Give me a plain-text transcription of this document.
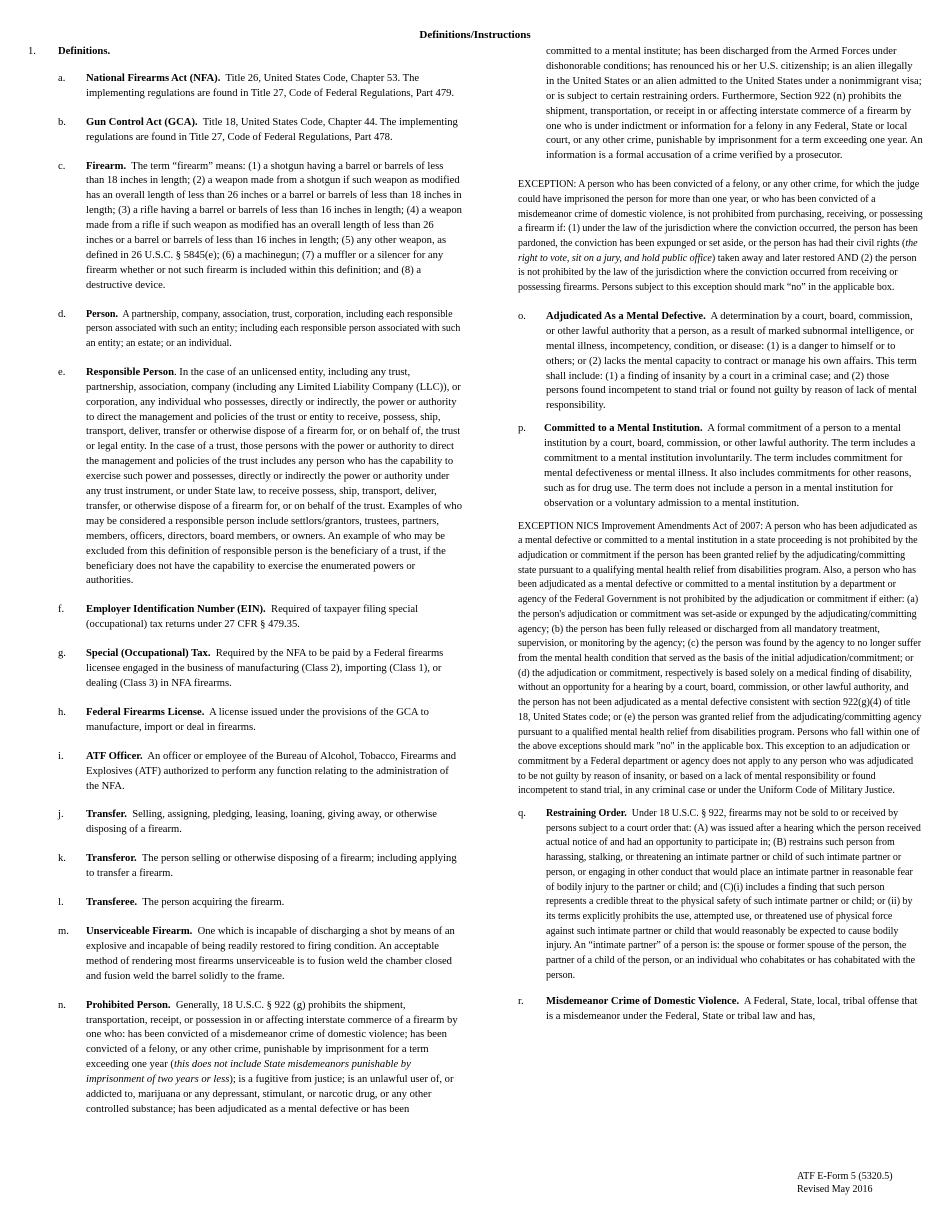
Definitions/Instructions
1.	Definitions.
a.	National Firearms Act (NFA). Title 26, United States Code, Chapter 53. The implementing regulations are found in Title 27, Code of Federal Regulations, Part 479.
b.	Gun Control Act (GCA). Title 18, United States Code, Chapter 44. The implementing regulations are found in Title 27, Code of Federal Regulations, Part 478.
c.	Firearm. The term “firearm” means: (1) a shotgun having a barrel or barrels of less than 18 inches in length; (2) a weapon made from a shotgun if such weapon as modified has an overall length of less than 26 inches or a barrel or barrels of less than 18 inches in length; (3) a rifle having a barrel or barrels of less than 16 inches in length; (4) a weapon made from a rifle if such weapon as modified has an overall length of less than 26 inches or a barrel or barrels of less than 16 inches in length; (5) any other weapon, as defined in 26 U.S.C. § 5845(e); (6) a machinegun; (7) a muffler or a silencer for any firearm whether or not such firearm is included within this definition; and (8) a destructive device.
d.	Person. A partnership, company, association, trust, corporation, including each responsible person associated with such an entity; including each responsible person associated with such an entity; an estate; or an individual.
e.	Responsible Person. In the case of an unlicensed entity, including any trust, partnership, association, company (including any Limited Liability Company (LLC)), or corporation, any individual who possesses, directly or indirectly, the power or authority to direct the management and policies of the trust or entity to receive, possess, ship, transport, deliver, transfer or otherwise dispose of a firearm for, or on behalf of, the trust or legal entity. In the case of a trust, those persons with the power or authority to direct the management and policies of the trust includes any person who has the capability to exercise such power and possesses, directly or indirectly the power or authority under any trust instrument, or under State law, to receive possess, ship, transport, deliver, transfer, or otherwise dispose of a firearm for, or on behalf of the trust. Examples of who may be considered a responsible person include settlors/grantors, trustees, partners, members, officers, directors, board members, or owners. An example of who may be excluded from this definition of responsible person is the beneficiary of a trust, if the beneficiary does not have the capability to exercise the enumerated powers or authorities.
f.	Employer Identification Number (EIN). Required of taxpayer filing special (occupational) tax returns under 27 CFR § 479.35.
g.	Special (Occupational) Tax. Required by the NFA to be paid by a Federal firearms licensee engaged in the business of manufacturing (Class 2), importing (Class 1), or dealing (Class 3) in NFA firearms.
h.	Federal Firearms License. A license issued under the provisions of the GCA to manufacture, import or deal in firearms.
i.	ATF Officer. An officer or employee of the Bureau of Alcohol, Tobacco, Firearms and Explosives (ATF) authorized to perform any function relating to the administration of the NFA.
j.	Transfer. Selling, assigning, pledging, leasing, loaning, giving away, or otherwise disposing of a firearm.
k.	Transferor. The person selling or otherwise disposing of a firearm; including applying to transfer a firearm.
l.	Transferee. The person acquiring the firearm.
m.	Unserviceable Firearm. One which is incapable of discharging a shot by means of an explosive and incapable of being readily restored to firing condition. An acceptable method of rendering most firearms unserviceable is to fusion weld the chamber closed and fusion weld the barrel solidly to the frame.
n.	Prohibited Person. Generally, 18 U.S.C. § 922 (g) prohibits the shipment, transportation, receipt, or possession in or affecting interstate commerce of a firearm by one who: has been convicted of a misdemeanor crime of domestic violence; has been convicted of a felony, or any other crime, punishable by imprisonment for a term exceeding one year (this does not include State misdemeanors punishable by imprisonment of two years or less); is a fugitive from justice; is an unlawful user of, or addicted to, marijuana or any depressant, stimulant, or narcotic drug, or any other controlled substance; has been adjudicated as a mental defective or has been
committed to a mental institute; has been discharged from the Armed Forces under dishonorable conditions; has renounced his or her U.S. citizenship; is an alien illegally in the United States or an alien admitted to the United States under a nonimmigrant visa; or is subject to certain restraining orders. Furthermore, Section 922 (n) prohibits the shipment, transportation, or receipt in or affecting interstate commerce of a firearm by one who is under indictment or information for a felony in any Federal, State or local court, or any other crime, punishable by imprisonment for a term exceeding one year. An information is a formal accusation of a crime verified by a prosecutor.
EXCEPTION: A person who has been convicted of a felony, or any other crime, for which the judge could have imprisoned the person for more than one year, or who has been convicted of a misdemeanor crime of domestic violence, is not prohibited from purchasing, receiving, or possessing a firearm if: (1) under the law of the jurisdiction where the conviction occurred, the person has been pardoned, the conviction has been expunged or set aside, or the person has had their civil rights (the right to vote, sit on a jury, and hold public office) taken away and later restored AND (2) the person is not prohibited by the law of the jurisdiction where the conviction occurred from receiving or possessing firearms. Persons subject to this exception should mark “no” in the applicable box.
o.	Adjudicated As a Mental Defective. A determination by a court, board, commission, or other lawful authority that a person, as a result of marked subnormal intelligence, or mental illness, incompetency, condition, or disease: (1) is a danger to himself or to others; or (2) lacks the mental capacity to contract or manage his own affairs. This term shall include: (1) a finding of insanity by a court in a criminal case; and (2) those persons found incompetent to stand trial or found not guilty by reason of lack of mental responsibility.
p.	Committed to a Mental Institution. A formal commitment of a person to a mental institution by a court, board, commission, or other lawful authority. The term includes a commitment to a mental institution involuntarily. The term includes commitment for mental defectiveness or mental illness. It also includes commitments for other reasons, such as for drug use. The term does not include a person in a mental institution for observation or a voluntary admission to a mental institution.
EXCEPTION NICS Improvement Amendments Act of 2007: A person who has been adjudicated as a mental defective or committed to a mental institution in a state proceeding is not prohibited by the adjudication or commitment if the person has been granted relief by the adjudicating/committing state pursuant to a qualifying mental health relief from disabilities program. Also, a person who has been adjudicated as a mental defective or committed to a mental institution by a department or agency of the Federal Government is not prohibited by the adjudication or commitment if either: (a) the person's adjudication or commitment was set-aside or expunged by the adjudicating/committing agency; (b) the person has been fully released or discharged from all mandatory treatment, supervision, or monitoring by the agency; (c) the person was found by the agency to no longer suffer from the mental health condition that served as the basis of the initial adjudication/commitment; or (d) the adjudication or commitment, respectively is based solely on a medical finding of disability, without an opportunity for a hearing by a court, board, commission, or other lawful authority, and the person has not been adjudicated as a mental defective consistent with section 922(g)(4) of title 18, United States code; or (e) the person was granted relief from the adjudicating/committing agency pursuant to a qualified mental health relief from disabilities program. Persons who fall within one of the above exceptions should mark "no" in the applicable box. This exception to an adjudication or commitment by a Federal department or agency does not apply to any person who was adjudicated to be not guilty by reason of insanity, or based on a lack of mental responsibility or found incompetent to stand trial, in any criminal case or under the Uniform Code of Military Justice.
q.	Restraining Order. Under 18 U.S.C. § 922, firearms may not be sold to or received by persons subject to a court order that: (A) was issued after a hearing which the person received actual notice of and had an opportunity to participate in; (B) restrains such person from harassing, stalking, or threatening an intimate partner or child of such intimate partner or person, or engaging in other conduct that would place an intimate partner in reasonable fear of bodily injury to the partner or child; and (C)(i) includes a finding that such person represents a credible threat to the physical safety of such intimate partner or child; or (ii) by its terms explicitly prohibits the use, attempted use, or threatened use of physical force against such intimate partner or child that would reasonably be expected to cause bodily injury. An “intimate partner” of a person is: the spouse or former spouse of the person, the partner of a child of the person, or an individual who cohabitates or has cohabitated with the person.
r.	Misdemeanor Crime of Domestic Violence. A Federal, State, local, tribal offense that is a misdemeanor under the Federal, State or tribal law and has,
ATF E-Form 5 (5320.5)
Revised May 2016
